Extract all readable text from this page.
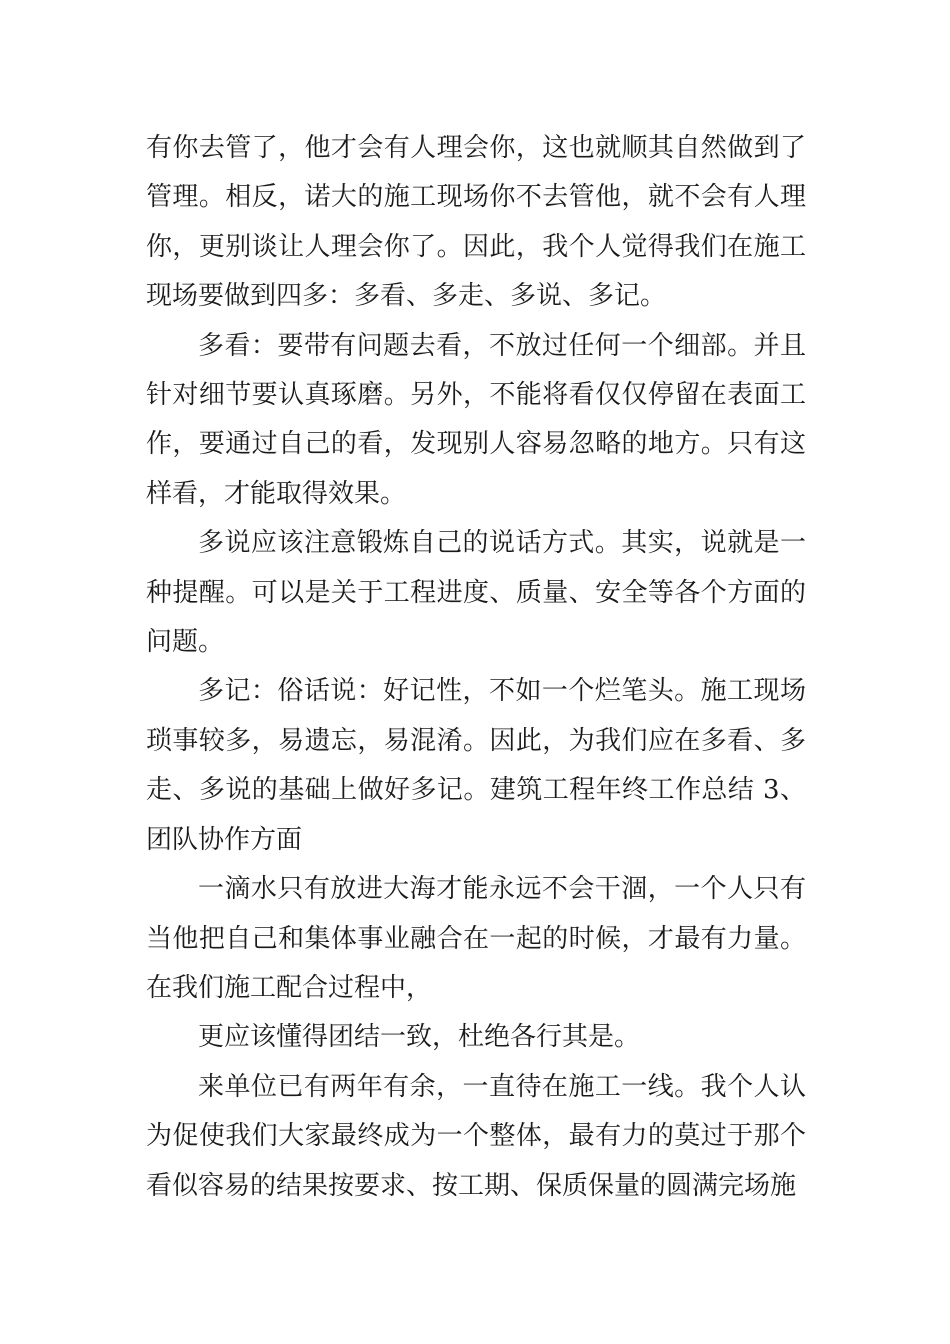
有你去管了，他才会有人理会你，这也就顺其自然做到了管理。相反，诺大的施工现场你不去管他，就不会有人理你，更别谈让人理会你了。因此，我个人觉得我们在施工现场要做到四多：多看、多走、多说、多记。

多看：要带有问题去看，不放过任何一个细部。并且针对细节要认真琢磨。另外，不能将看仅仅停留在表面工作，要通过自己的看，发现别人容易忽略的地方。只有这样看，才能取得效果。

多说应该注意锻炼自己的说话方式。其实，说就是一种提醒。可以是关于工程进度、质量、安全等各个方面的问题。

多记：俗话说：好记性，不如一个烂笔头。施工现场琐事较多，易遗忘，易混淆。因此，为我们应在多看、多走、多说的基础上做好多记。建筑工程年终工作总结 3、团队协作方面

一滴水只有放进大海才能永远不会干涸，一个人只有当他把自己和集体事业融合在一起的时候，才最有力量。在我们施工配合过程中，

更应该懂得团结一致，杜绝各行其是。

来单位已有两年有余，一直待在施工一线。我个人认为促使我们大家最终成为一个整体，最有力的莫过于那个看似容易的结果按要求、按工期、保质保量的圆满完场施
